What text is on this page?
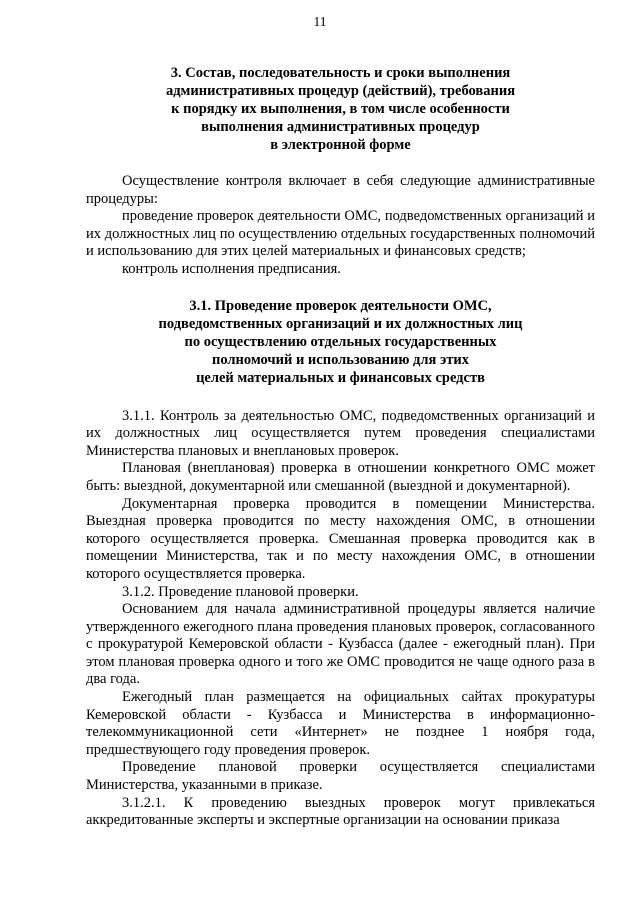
11
3. Состав, последовательность и сроки выполнения
административных процедур (действий), требования
к порядку их выполнения, в том числе особенности
выполнения административных процедур
в электронной форме

Осуществление контроля включает в себя следующие административные процедуры:

проведение проверок деятельности ОМС, подведомственных организаций и их должностных лиц по осуществлению отдельных государственных полномочий и использованию для этих целей материальных и финансовых средств;

контроль исполнения предписания.

3.1. Проведение проверок деятельности ОМС,
подведомственных организаций и их должностных лиц
по осуществлению отдельных государственных
полномочий и использованию для этих
целей материальных и финансовых средств

3.1.1. Контроль за деятельностью ОМС, подведомственных организаций и их должностных лиц осуществляется путем проведения специалистами Министерства плановых и внеплановых проверок.

Плановая (внеплановая) проверка в отношении конкретного ОМС может быть: выездной, документарной или смешанной (выездной и документарной).

Документарная проверка проводится в помещении Министерства. Выездная проверка проводится по месту нахождения ОМС, в отношении которого осуществляется проверка. Смешанная проверка проводится как в помещении Министерства, так и по месту нахождения ОМС, в отношении которого осуществляется проверка.

3.1.2. Проведение плановой проверки.

Основанием для начала административной процедуры является наличие утвержденного ежегодного плана проведения плановых проверок, согласованного с прокуратурой Кемеровской области - Кузбасса (далее - ежегодный план). При этом плановая проверка одного и того же ОМС проводится не чаще одного раза в два года.

Ежегодный план размещается на официальных сайтах прокуратуры Кемеровской области - Кузбасса и Министерства в информационно-телекоммуникационной сети «Интернет» не позднее 1 ноября года, предшествующего году проведения проверок.

Проведение плановой проверки осуществляется специалистами Министерства, указанными в приказе.

3.1.2.1. К проведению выездных проверок могут привлекаться аккредитованные эксперты и экспертные организации на основании приказа
